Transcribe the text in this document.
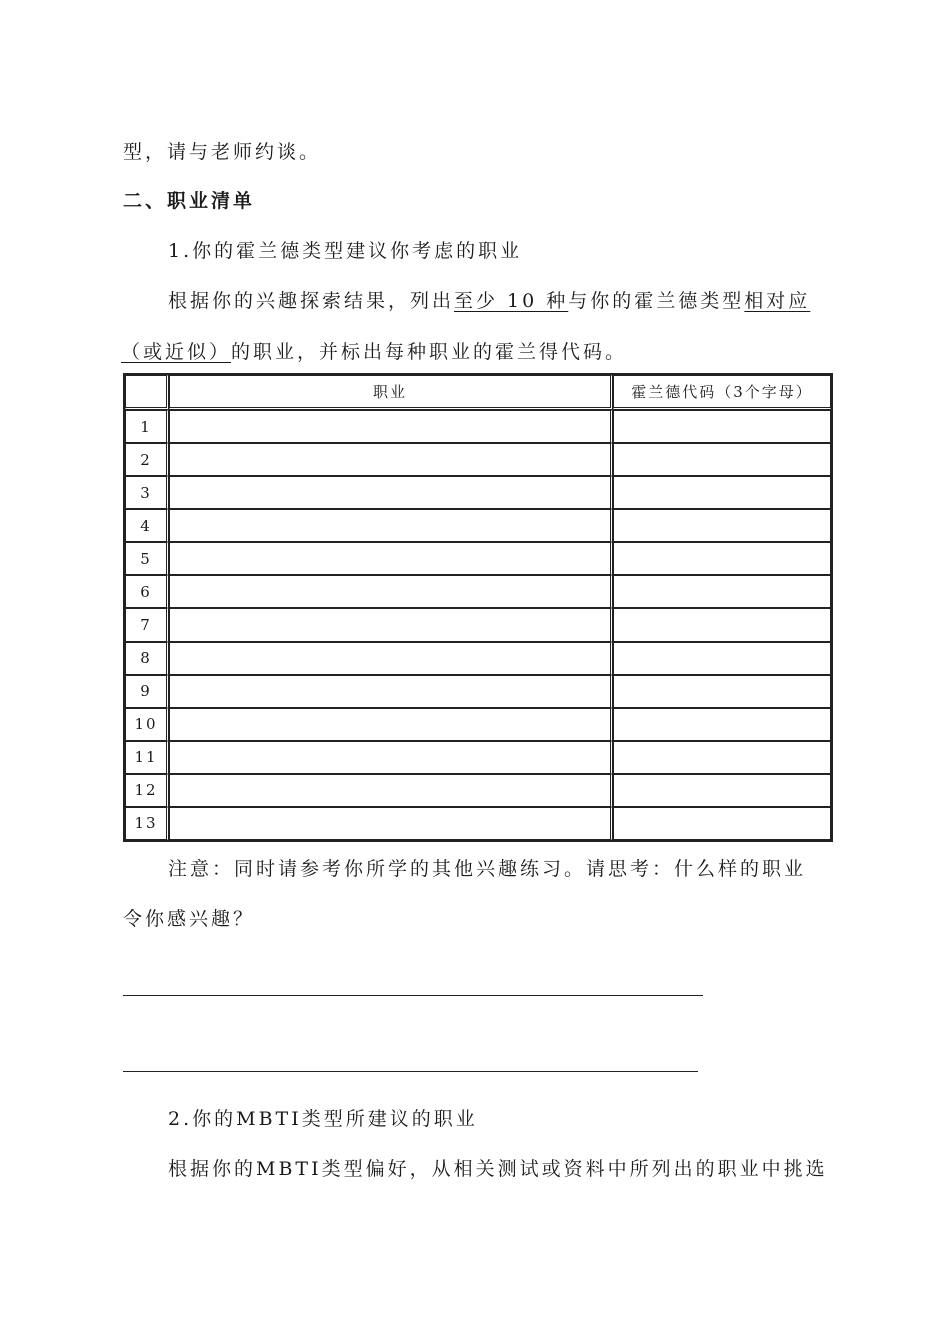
型，请与老师约谈。
二、职业清单
1.你的霍兰德类型建议你考虑的职业
根据你的兴趣探索结果，列出至少 10 种与你的霍兰德类型相对应
（或近似）的职业，并标出每种职业的霍兰得代码。
	职业	霍兰德代码（3个字母）
1		
2		
3		
4		
5		
6		
7		
8		
9		
10		
11		
12		
13		
注意：同时请参考你所学的其他兴趣练习。请思考：什么样的职业
令你感兴趣？
2.你的MBTI类型所建议的职业
根据你的MBTI类型偏好，从相关测试或资料中所列出的职业中挑选
